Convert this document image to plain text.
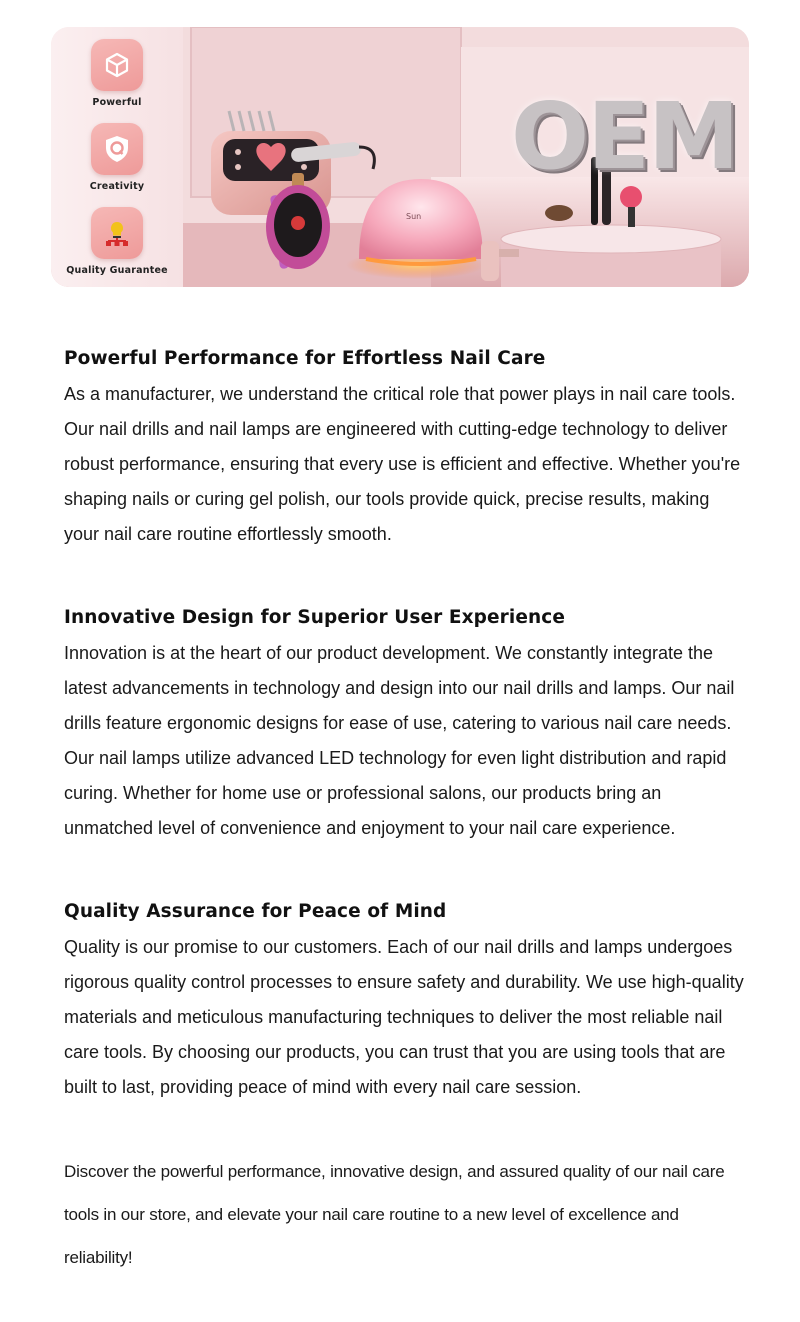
Sun
OEM
Powerful
Creativity
Quality Guarantee
Powerful Performance for Effortless Nail Care

As a manufacturer, we understand the critical role that power plays in nail care tools. Our nail drills and nail lamps are engineered with cutting-edge technology to deliver robust performance, ensuring that every use is efficient and effective. Whether you're shaping nails or curing gel polish, our tools provide quick, precise results, making your nail care routine effortlessly smooth.

Innovative Design for Superior User Experience

Innovation is at the heart of our product development. We constantly integrate the latest advancements in technology and design into our nail drills and lamps. Our nail drills feature ergonomic designs for ease of use, catering to various nail care needs. Our nail lamps utilize advanced LED technology for even light distribution and rapid curing. Whether for home use or professional salons, our products bring an unmatched level of convenience and enjoyment to your nail care experience.

Quality Assurance for Peace of Mind

Quality is our promise to our customers. Each of our nail drills and lamps undergoes rigorous quality control processes to ensure safety and durability. We use high-quality materials and meticulous manufacturing techniques to deliver the most reliable nail care tools. By choosing our products, you can trust that you are using tools that are built to last, providing peace of mind with every nail care session.

Discover the powerful performance, innovative design, and assured quality of our nail care tools in our store, and elevate your nail care routine to a new level of excellence and reliability!
